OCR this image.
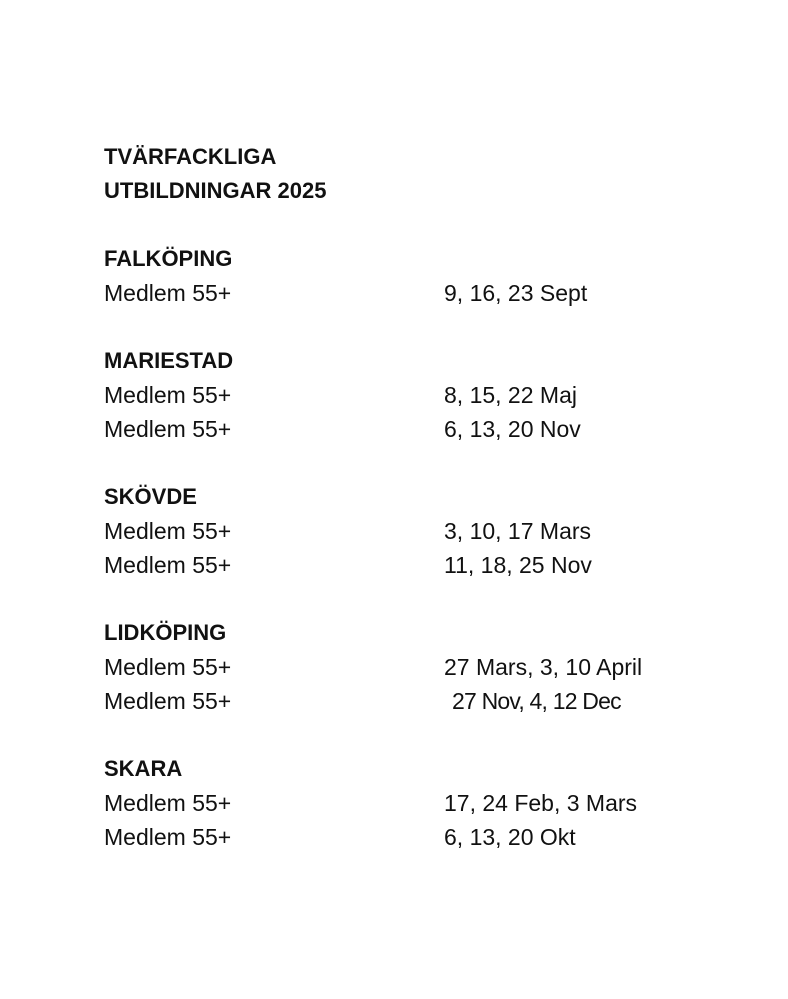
TVÄRFACKLIGA

UTBILDNINGAR 2025

FALKÖPING

Medlem 55+	9, 16, 23 Sept

MARIESTAD

Medlem 55+	8, 15, 22 Maj
Medlem 55+	6, 13, 20 Nov

SKÖVDE

Medlem 55+	3, 10, 17 Mars
Medlem 55+	11, 18, 25 Nov

LIDKÖPING

Medlem 55+	27 Mars, 3, 10 April
Medlem 55+	27 Nov, 4, 12 Dec

SKARA

Medlem 55+	17, 24 Feb, 3 Mars
Medlem 55+	6, 13, 20 Okt
